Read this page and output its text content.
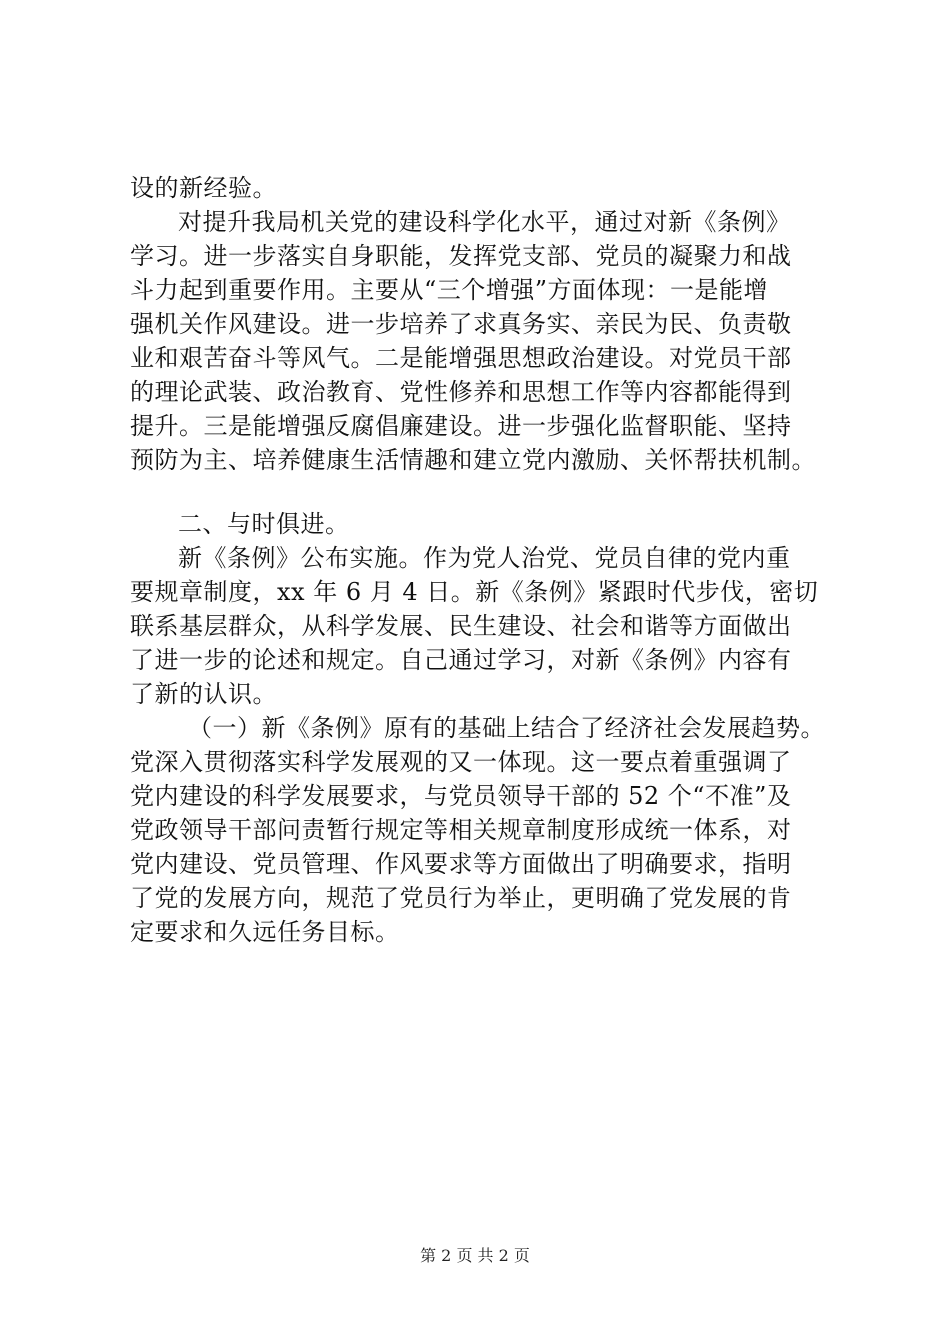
设的新经验。
对提升我局机关党的建设科学化水平，通过对新《条例》
学习。进一步落实自身职能，发挥党支部、党员的凝聚力和战
斗力起到重要作用。主要从“三个增强”方面体现：一是能增
强机关作风建设。进一步培养了求真务实、亲民为民、负责敬
业和艰苦奋斗等风气。二是能增强思想政治建设。对党员干部
的理论武装、政治教育、党性修养和思想工作等内容都能得到
提升。三是能增强反腐倡廉建设。进一步强化监督职能、坚持
预防为主、培养健康生活情趣和建立党内激励、关怀帮扶机制。
二、与时俱进。
新《条例》公布实施。作为党人治党、党员自律的党内重
要规章制度，xx 年 6 月 4 日。新《条例》紧跟时代步伐，密切
联系基层群众，从科学发展、民生建设、社会和谐等方面做出
了进一步的论述和规定。自己通过学习，对新《条例》内容有
了新的认识。
（一）新《条例》原有的基础上结合了经济社会发展趋势。
党深入贯彻落实科学发展观的又一体现。这一要点着重强调了
党内建设的科学发展要求，与党员领导干部的 52 个“不准”及
党政领导干部问责暂行规定等相关规章制度形成统一体系，对
党内建设、党员管理、作风要求等方面做出了明确要求，指明
了党的发展方向，规范了党员行为举止，更明确了党发展的肯
定要求和久远任务目标。
第 2 页 共 2 页
